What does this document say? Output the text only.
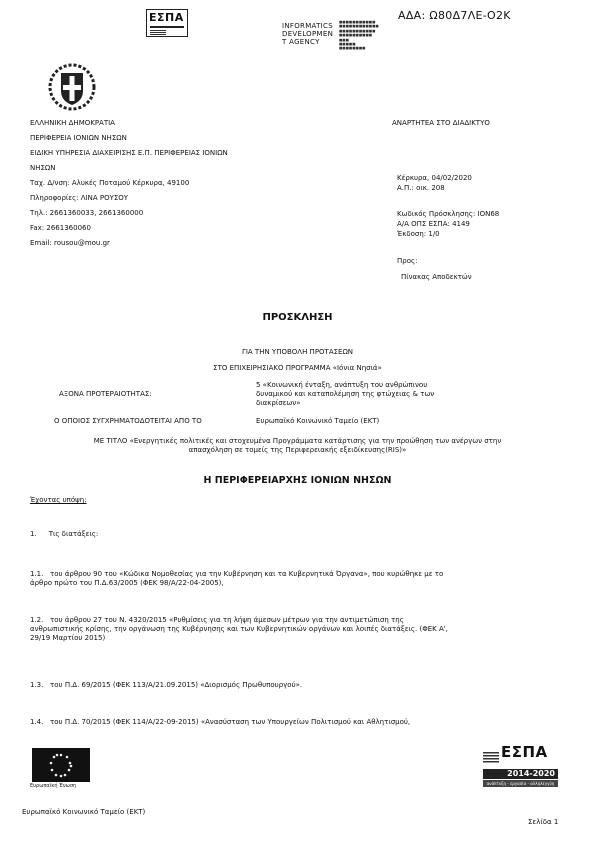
ΕΣΠΑ
INFORMATICS
DEVELOPMEN
T AGENCY
■■■■■■■■■■■
■■■■■■■■■■■■
■■■■■■■■■■■
■■■■■■■■■■
■■■
■■■■■
■■■■■■■■
ΑΔΑ: Ω80Δ7ΛΕ-Ο2Κ
ΕΛΛΗΝΙΚΗ ΔΗΜΟΚΡΑΤΙΑ
ΠΕΡΙΦΕΡΕΙΑ ΙΟΝΙΩΝ ΝΗΣΩΝ
ΕΙΔΙΚΗ ΥΠΗΡΕΣΙΑ ΔΙΑΧΕΙΡΙΣΗΣ Ε.Π. ΠΕΡΙΦΕΡΕΙΑΣ ΙΟΝΙΩΝ
ΝΗΣΩΝ
Ταχ. Δ/νση: Αλυκές Ποταμού Κέρκυρα, 49100
Πληροφορίες: ΛΙΝΑ ΡΟΥΣΟΥ
Τηλ.: 2661360033, 2661360000
Fax: 2661360060
Email: rousou@mou.gr
ΑΝΑΡΤΗΤΕΑ ΣΤΟ ΔΙΑΔΙΚΤΥΟ
Κέρκυρα, 04/02/2020
Α.Π.: οικ. 208
Κωδικός Πρόσκλησης: ΙΟΝ68
Α/Α ΟΠΣ ΕΣΠΑ: 4149
Έκδοση: 1/0
Προς:
Πίνακας Αποδεκτών
ΠΡΟΣΚΛΗΣΗ
ΓΙΑ ΤΗΝ ΥΠΟΒΟΛΗ ΠΡΟΤΑΣΕΩΝ
ΣΤΟ ΕΠΙΧΕΙΡΗΣΙΑΚΟ ΠΡΟΓΡΑΜΜΑ «Ιόνια Νησιά»
ΑΞΟΝΑ ΠΡΟΤΕΡΑΙΟΤΗΤΑΣ:
5 «Κοινωνική ένταξη, ανάπτυξη του ανθρώπινου
δυναμικού και καταπολέμηση της φτώχειας & των
διακρίσεων»
Ο ΟΠΟΙΟΣ ΣΥΓΧΡΗΜΑΤΟΔΟΤΕΙΤΑΙ ΑΠΟ ΤΟ	Ευρωπαϊκό Κοινωνικό Ταμείο (ΕΚΤ)
ΜΕ ΤΙΤΛΟ «Ενεργητικές πολιτικές και στοχευμένα Προγράμματα κατάρτισης για την προώθηση των ανέργων στην
απασχόληση σε τομείς της Περιφερειακής εξειδίκευσης(RIS)»
Η ΠΕΡΙΦΕΡΕΙΑΡΧΗΣ ΙΟΝΙΩΝ ΝΗΣΩΝ
Έχοντας υπόψη:
1. Τις διατάξεις:
1.1. του άρθρου 90 του «Κώδικα Νομοθεσίας για την Κυβέρνηση και τα Κυβερνητικά Όργανα», που κυρώθηκε με το
άρθρο πρώτο του Π.Δ.63/2005 (ΦΕΚ 98/Α/22-04-2005),
1.2. του άρθρου 27 του Ν. 4320/2015 «Ρυθμίσεις για τη λήψη άμεσων μέτρων για την αντιμετώπιση της
ανθρωπιστικής κρίσης, την οργάνωση της Κυβέρνησης και των Κυβερνητικών οργάνων και λοιπές διατάξεις. (ΦΕΚ Α',
29/19 Μαρτίου 2015)
1.3. του Π.Δ. 69/2015 (ΦΕΚ 113/Α/21.09.2015) «Διορισμός Πρωθυπουργού».
1.4. του Π.Δ. 70/2015 (ΦΕΚ 114/Α/22-09-2015) «Ανασύσταση των Υπουργείων Πολιτισμού και Αθλητισμού,
Ευρωπαϊκή Ένωση
ΕΣΠΑ
2014-2020
ανάπτυξη - εργασία - αλληλεγγύη
Ευρωπαϊκό Κοινωνικό Ταμείο (ΕΚΤ)
Σελίδα 1
